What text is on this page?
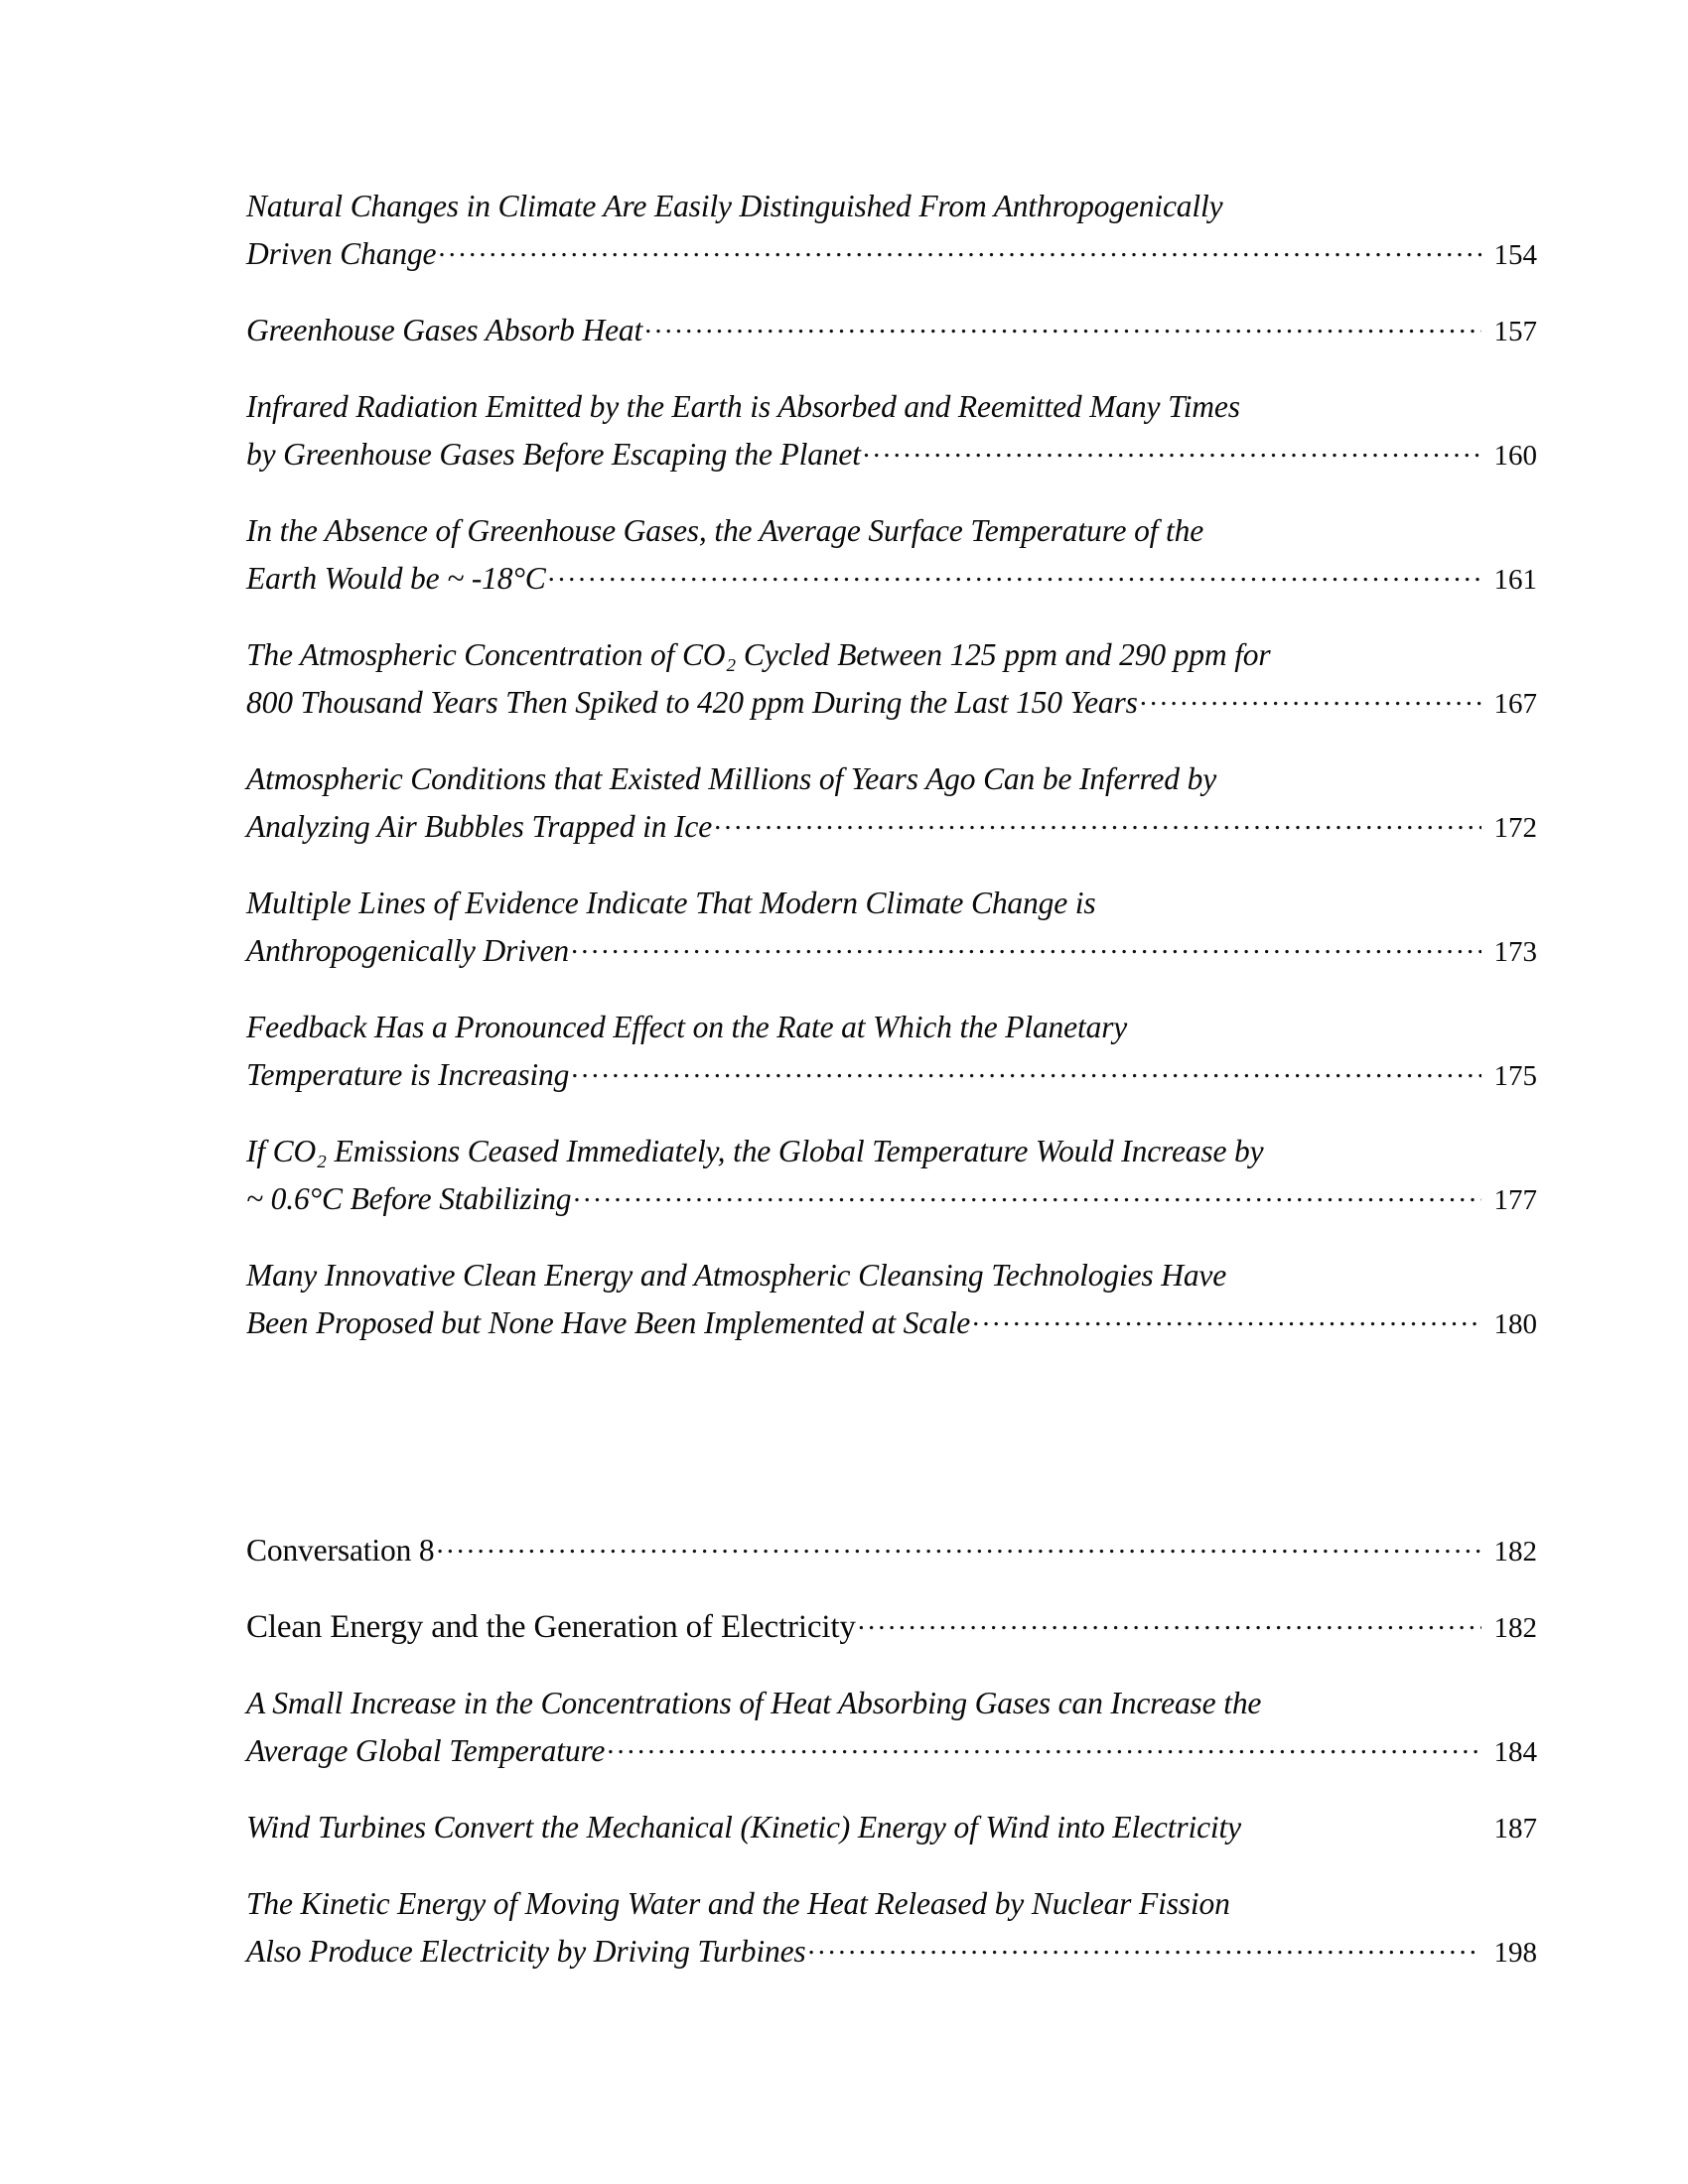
Natural Changes in Climate Are Easily Distinguished From Anthropogenically
Driven Change .....	154
Greenhouse Gases Absorb Heat .....	157
Infrared Radiation Emitted by the Earth is Absorbed and Reemitted Many Times
by Greenhouse Gases Before Escaping the Planet .....	160
In the Absence of Greenhouse Gases, the Average Surface Temperature of the
Earth Would be ~ -18°C .....	161
The Atmospheric Concentration of CO₂ Cycled Between 125 ppm and 290 ppm for
800 Thousand Years Then Spiked to 420 ppm During the Last 150 Years .....	167
Atmospheric Conditions that Existed Millions of Years Ago Can be Inferred by
Analyzing Air Bubbles Trapped in Ice .....	172
Multiple Lines of Evidence Indicate That Modern Climate Change is
Anthropogenically Driven .....	173
Feedback Has a Pronounced Effect on the Rate at Which the Planetary
Temperature is Increasing .....	175
If CO₂ Emissions Ceased Immediately, the Global Temperature Would Increase by
~ 0.6°C Before Stabilizing .....	177
Many Innovative Clean Energy and Atmospheric Cleansing Technologies Have
Been Proposed but None Have Been Implemented at Scale .....	180
Conversation 8 .....	182
Clean Energy and the Generation of Electricity .....	182
A Small Increase in the Concentrations of Heat Absorbing Gases can Increase the
Average Global Temperature .....	184
Wind Turbines Convert the Mechanical (Kinetic) Energy of Wind into Electricity	187
The Kinetic Energy of Moving Water and the Heat Released by Nuclear Fission
Also Produce Electricity by Driving Turbines .....	198
